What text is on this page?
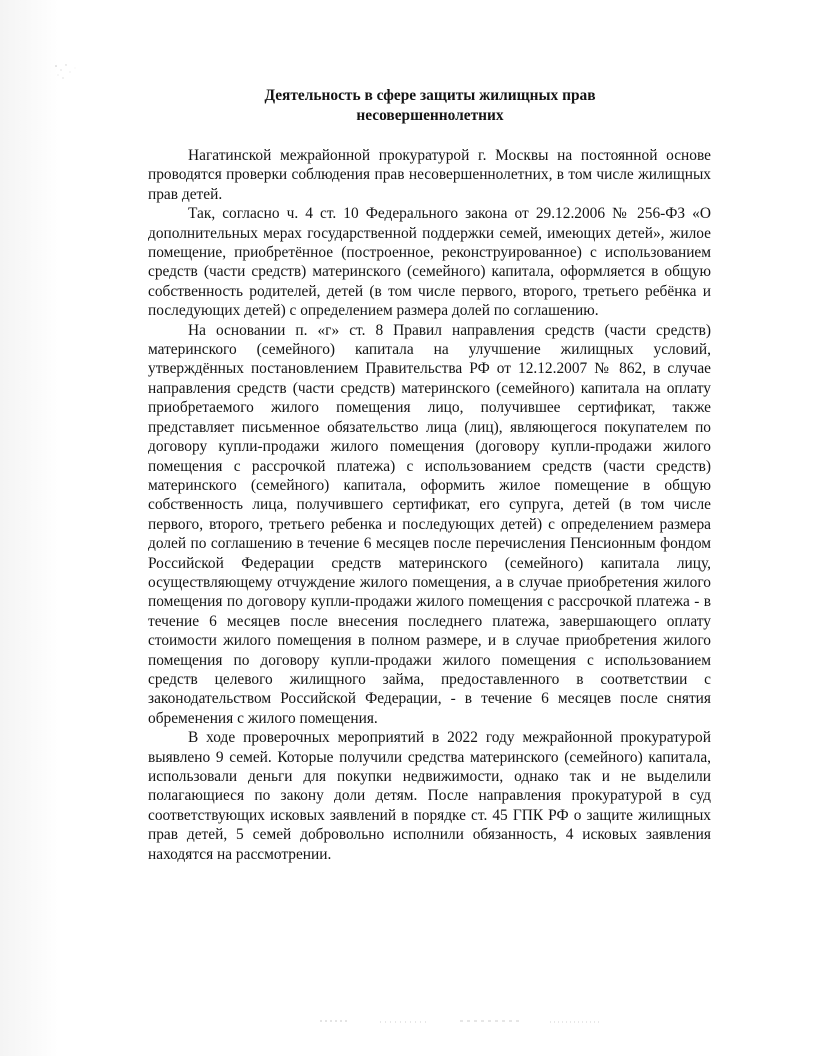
Деятельность в сфере защиты жилищных прав
несовершеннолетних

Нагатинской межрайонной прокуратурой г. Москвы на постоянной основе проводятся проверки соблюдения прав несовершеннолетних, в том числе жилищных прав детей.

Так, согласно ч. 4 ст. 10 Федерального закона от 29.12.2006 № 256-ФЗ «О дополнительных мерах государственной поддержки семей, имеющих детей», жилое помещение, приобретённое (построенное, реконструированное) с использованием средств (части средств) материнского (семейного) капитала, оформляется в общую собственность родителей, детей (в том числе первого, второго, третьего ребёнка и последующих детей) с определением размера долей по соглашению.

На основании п. «г» ст. 8 Правил направления средств (части средств) материнского (семейного) капитала на улучшение жилищных условий, утверждённых постановлением Правительства РФ от 12.12.2007 № 862, в случае направления средств (части средств) материнского (семейного) капитала на оплату приобретаемого жилого помещения лицо, получившее сертификат, также представляет письменное обязательство лица (лиц), являющегося покупателем по договору купли-продажи жилого помещения (договору купли-продажи жилого помещения с рассрочкой платежа) с использованием средств (части средств) материнского (семейного) капитала, оформить жилое помещение в общую собственность лица, получившего сертификат, его супруга, детей (в том числе первого, второго, третьего ребенка и последующих детей) с определением размера долей по соглашению в течение 6 месяцев после перечисления Пенсионным фондом Российской Федерации средств материнского (семейного) капитала лицу, осуществляющему отчуждение жилого помещения, а в случае приобретения жилого помещения по договору купли-продажи жилого помещения с рассрочкой платежа - в течение 6 месяцев после внесения последнего платежа, завершающего оплату стоимости жилого помещения в полном размере, и в случае приобретения жилого помещения по договору купли-продажи жилого помещения с использованием средств целевого жилищного займа, предоставленного в соответствии с законодательством Российской Федерации, - в течение 6 месяцев после снятия обременения с жилого помещения.

В ходе проверочных мероприятий в 2022 году межрайонной прокуратурой выявлено 9 семей. Которые получили средства материнского (семейного) капитала, использовали деньги для покупки недвижимости, однако так и не выделили полагающиеся по закону доли детям. После направления прокуратурой в суд соответствующих исковых заявлений в порядке ст. 45 ГПК РФ о защите жилищных прав детей, 5 семей добровольно исполнили обязанность, 4 исковых заявления находятся на рассмотрении.
